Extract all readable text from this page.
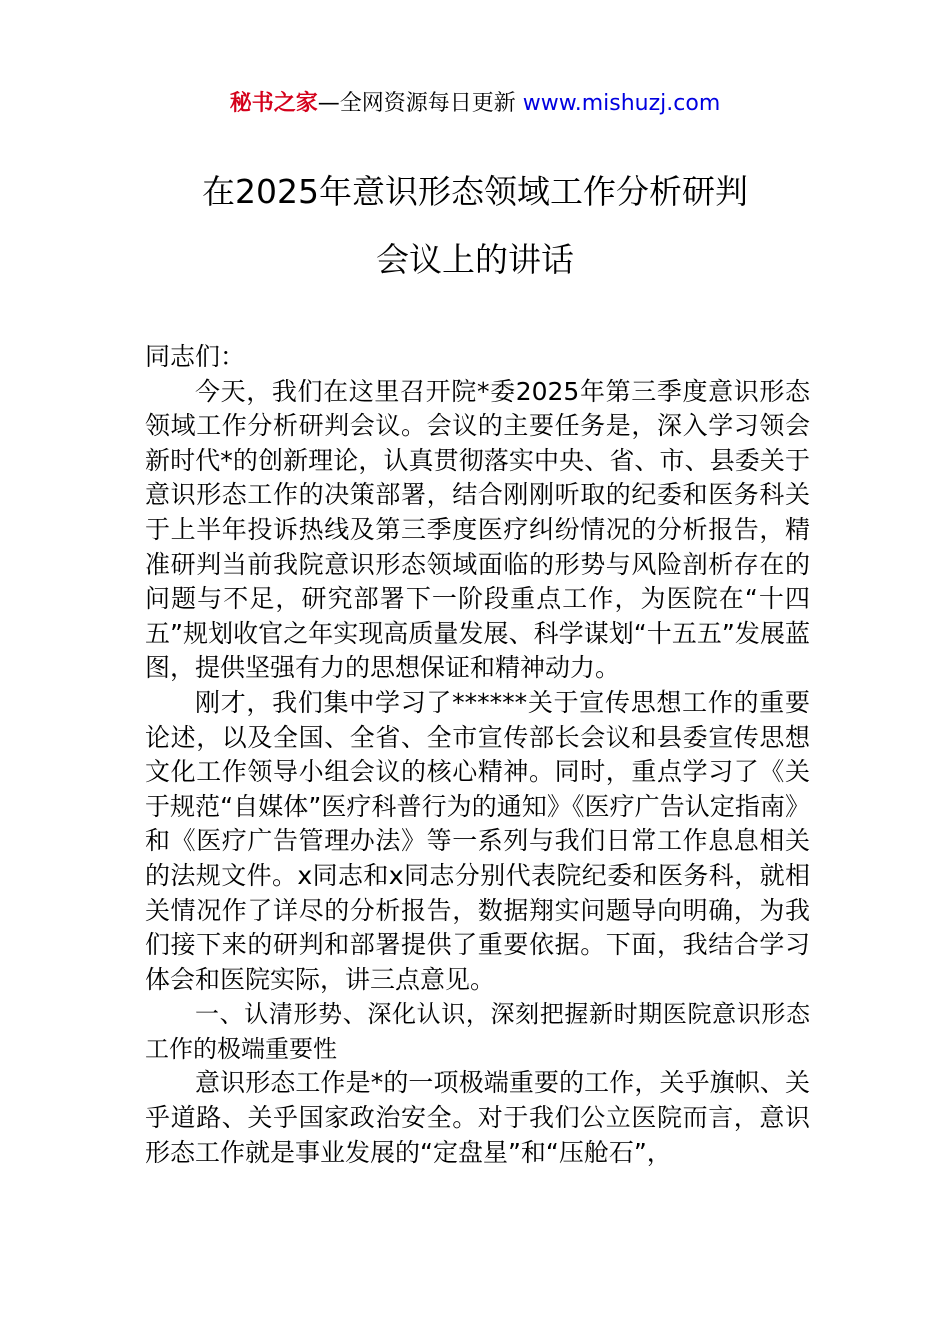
秘书之家—全网资源每日更新 www.mishuzj.com
在2025年意识形态领域工作分析研判
会议上的讲话

同志们：

今天，我们在这里召开院*委2025年第三季度意识形态领域工作分析研判会议。会议的主要任务是，深入学习领会新时代*的创新理论，认真贯彻落实中央、省、市、县委关于意识形态工作的决策部署，结合刚刚听取的纪委和医务科关于上半年投诉热线及第三季度医疗纠纷情况的分析报告，精准研判当前我院意识形态领域面临的形势与风险剖析存在的问题与不足，研究部署下一阶段重点工作，为医院在“十四五”规划收官之年实现高质量发展、科学谋划“十五五”发展蓝图，提供坚强有力的思想保证和精神动力。

刚才，我们集中学习了******关于宣传思想工作的重要论述，以及全国、全省、全市宣传部长会议和县委宣传思想文化工作领导小组会议的核心精神。同时，重点学习了《关于规范“自媒体”医疗科普行为的通知》《医疗广告认定指南》和《医疗广告管理办法》等一系列与我们日常工作息息相关的法规文件。x同志和x同志分别代表院纪委和医务科，就相关情况作了详尽的分析报告，数据翔实问题导向明确，为我们接下来的研判和部署提供了重要依据。下面，我结合学习体会和医院实际，讲三点意见。

一、认清形势、深化认识，深刻把握新时期医院意识形态工作的极端重要性

意识形态工作是*的一项极端重要的工作，关乎旗帜、关乎道路、关乎国家政治安全。对于我们公立医院而言，意识形态工作就是事业发展的“定盘星”和“压舱石”，
